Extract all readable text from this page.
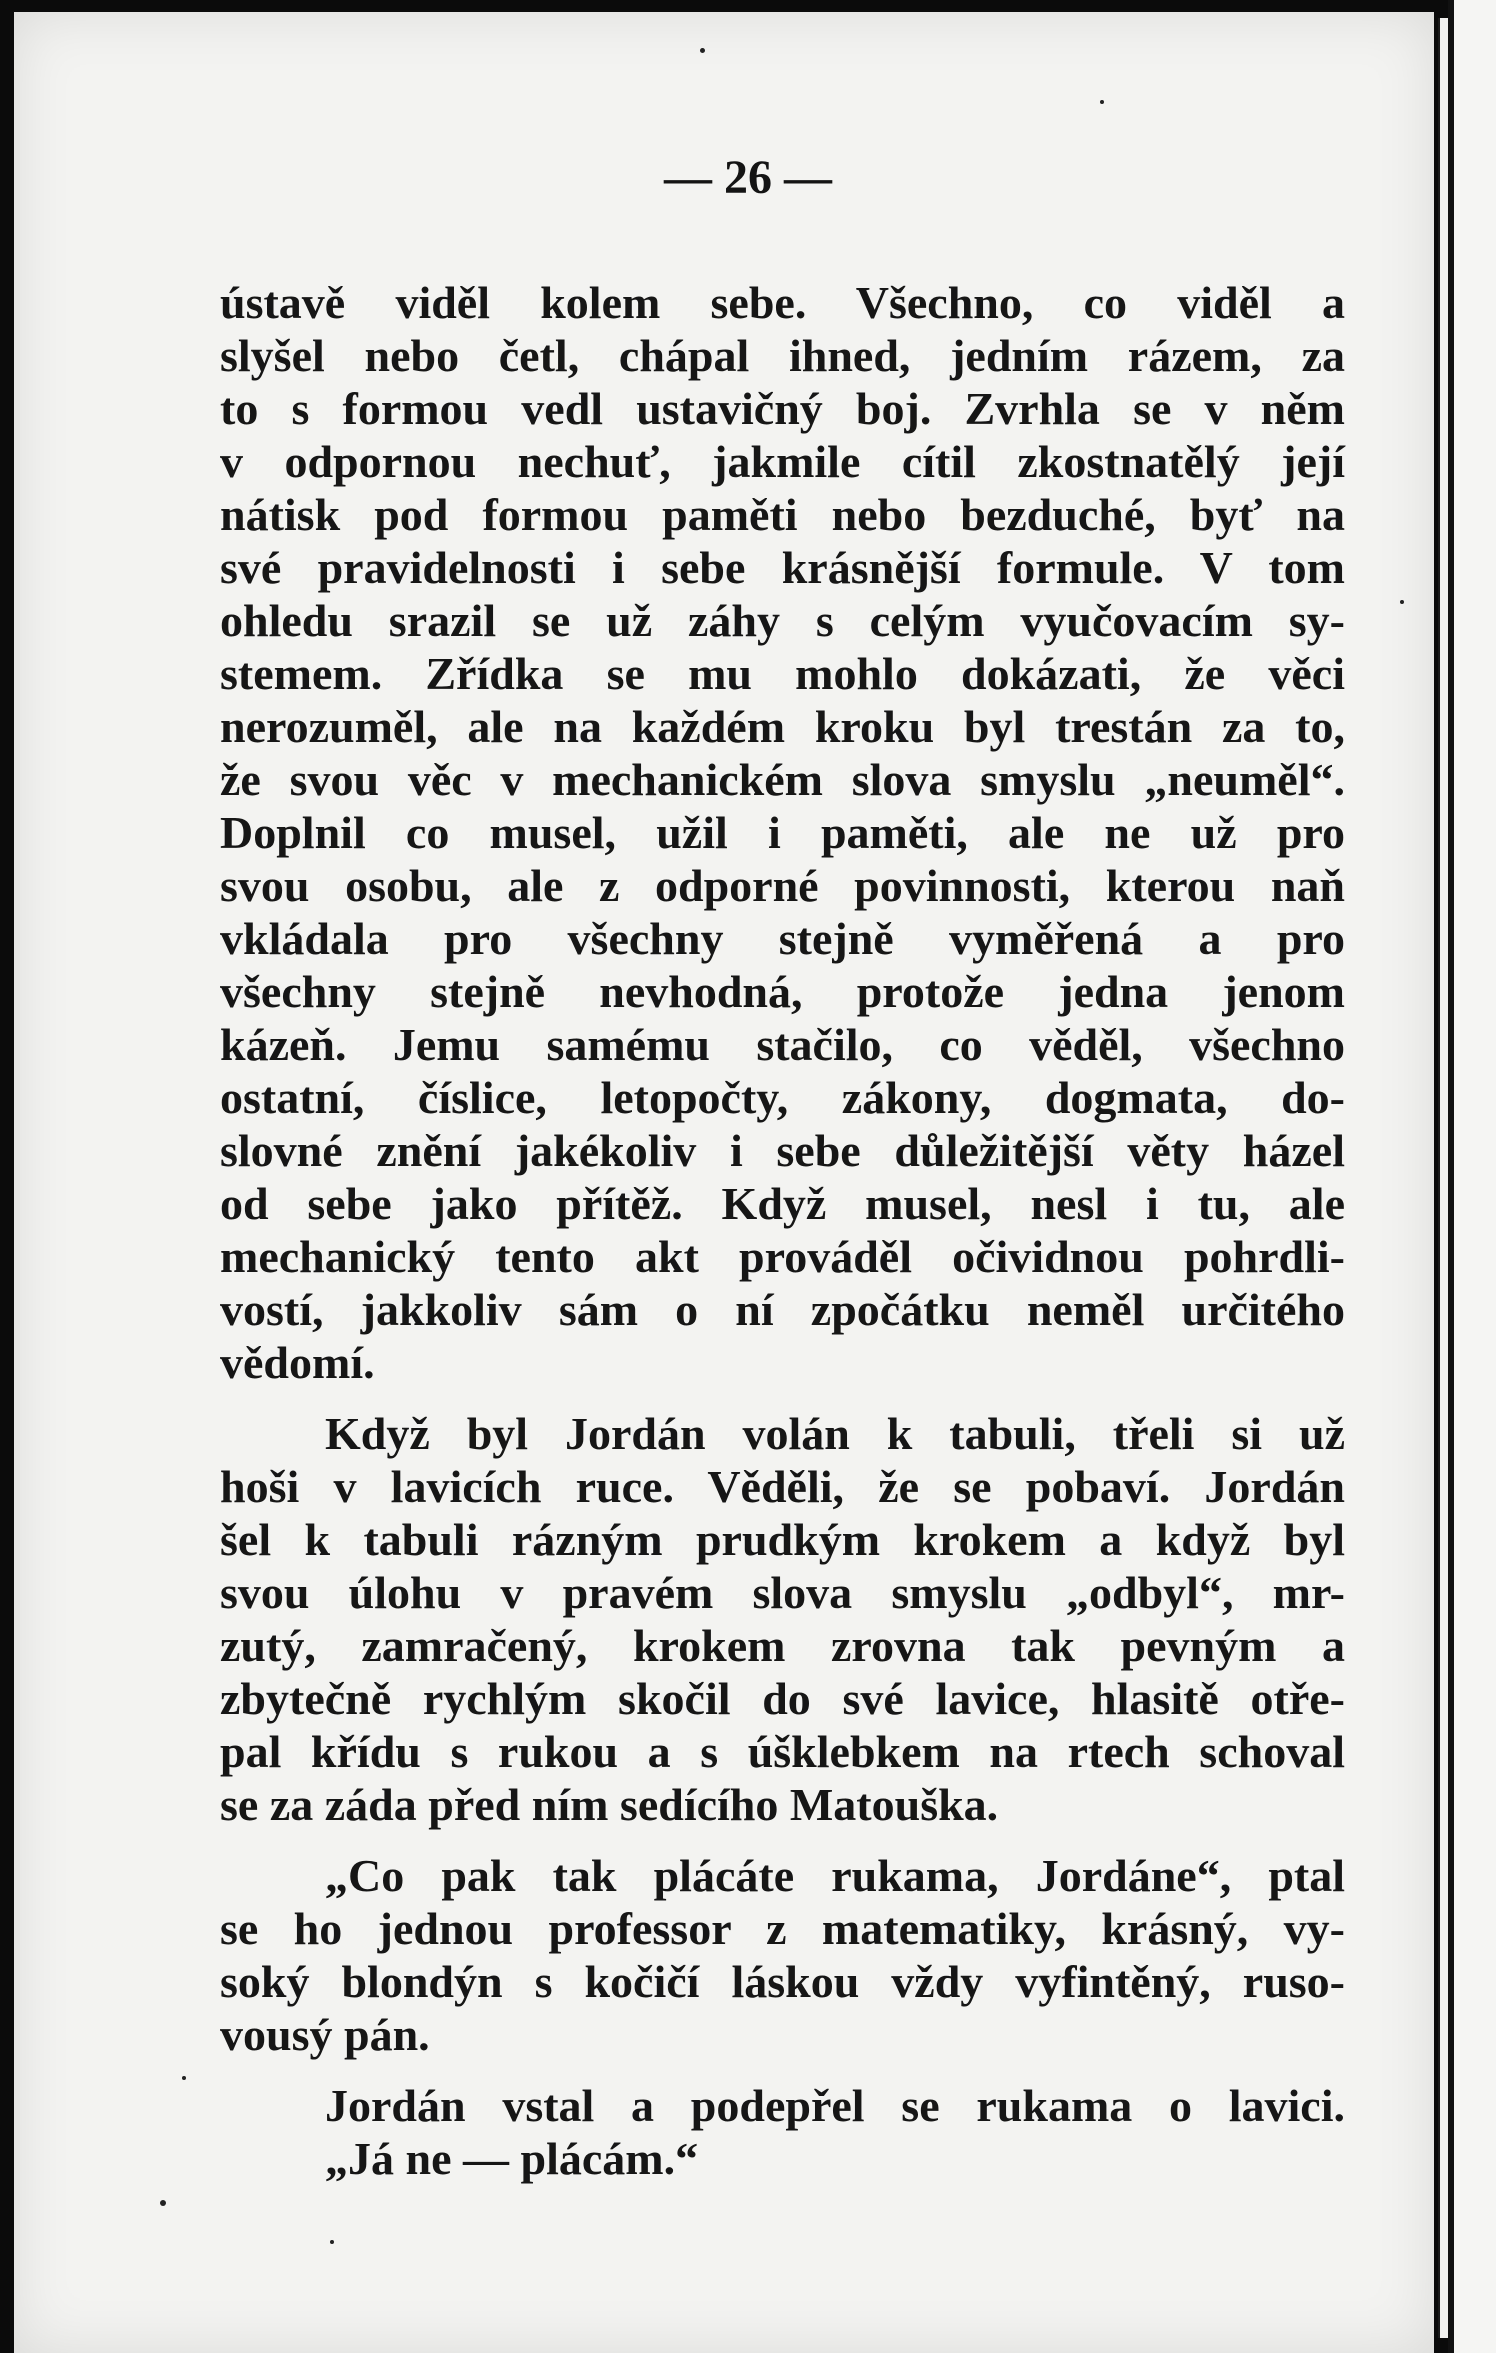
— 26 —
ústavě viděl kolem sebe. Všechno, co viděl a
slyšel nebo četl, chápal ihned, jedním rázem, za
to s formou vedl ustavičný boj. Zvrhla se v něm
v odpornou nechuť, jakmile cítil zkostnatělý její
nátisk pod formou paměti nebo bezduché, byť na
své pravidelnosti i sebe krásnější formule. V tom
ohledu srazil se už záhy s celým vyučovacím sy-
stemem. Zřídka se mu mohlo dokázati, že věci
nerozuměl, ale na každém kroku byl trestán za to,
že svou věc v mechanickém slova smyslu „neuměl“.
Doplnil co musel, užil i paměti, ale ne už pro
svou osobu, ale z odporné povinnosti, kterou naň
vkládala pro všechny stejně vyměřená a pro
všechny stejně nevhodná, protože jedna jenom
kázeň. Jemu samému stačilo, co věděl, všechno
ostatní, číslice, letopočty, zákony, dogmata, do-
slovné znění jakékoliv i sebe důležitější věty házel
od sebe jako přítěž. Když musel, nesl i tu, ale
mechanický tento akt prováděl očividnou pohrdli-
vostí, jakkoliv sám o ní zpočátku neměl určitého
vědomí.
Když byl Jordán volán k tabuli, třeli si už
hoši v lavicích ruce. Věděli, že se pobaví. Jordán
šel k tabuli rázným prudkým krokem a když byl
svou úlohu v pravém slova smyslu „odbyl“, mr-
zutý, zamračený, krokem zrovna tak pevným a
zbytečně rychlým skočil do své lavice, hlasitě otře-
pal křídu s rukou a s úšklebkem na rtech schoval
se za záda před ním sedícího Matouška.
„Co pak tak plácáte rukama, Jordáne“, ptal
se ho jednou professor z matematiky, krásný, vy-
soký blondýn s kočičí láskou vždy vyfintěný, ruso-
vousý pán.
Jordán vstal a podepřel se rukama o lavici.
„Já ne — plácám.“
